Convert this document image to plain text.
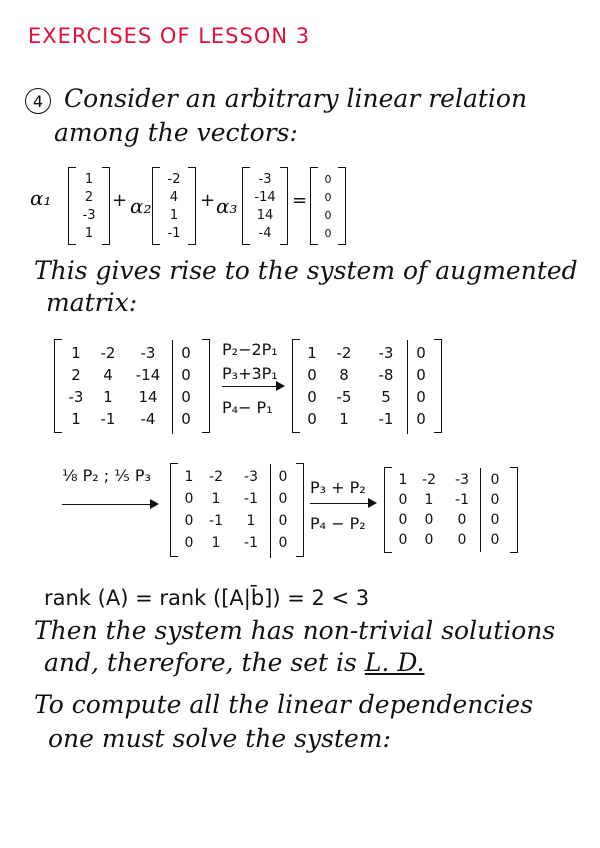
EXERCISES OF LESSON 3
4 Consider an arbitrary linear relation
among the vectors:
α₁
1
2
-3
1
+ α₂
-2
4
1
-1
+ α₃
-3
-14
14
-4
=
0
0
0
0
This gives rise to the system of augmented
matrix:
1 -2 -3 0
2 4 -14 0
-3 1 14 0
1 -1 -4 0
P₂−2P₁
P₃+3P₁
P₄− P₁
1 -2 -3 0
0 8 -8 0
0 -5 5 0
0 1 -1 0
⅛ P₂ ; ⅕ P₃ 1 -2 -3 0
0 1 -1 0
0 -1 1 0
0 1 -1 0
P₃ + P₂
P₄ − P₂
1 -2 -3 0
0 1 -1 0
0 0 0 0
0 0 0 0
rank (A) = rank ([A|b̄]) = 2 < 3
Then the system has non-trivial solutions
and, therefore, the set is L. D.
To compute all the linear dependencies
one must solve the system:
